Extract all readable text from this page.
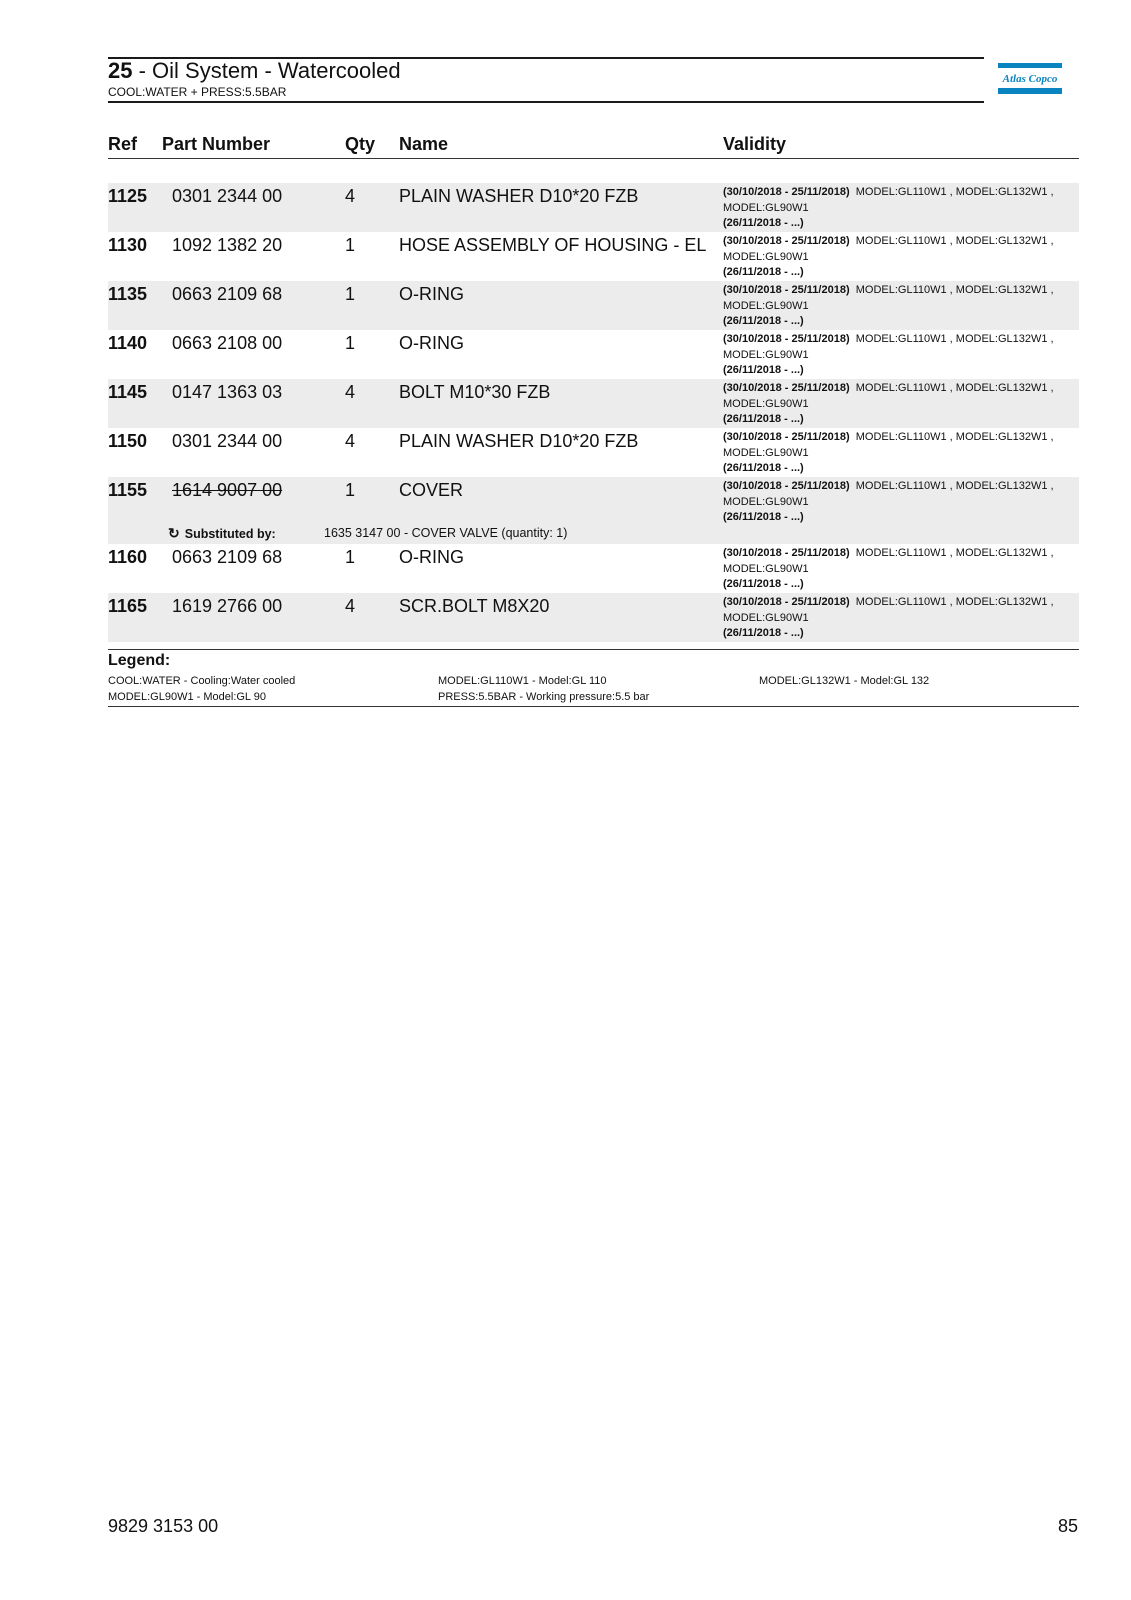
25 - Oil System - Watercooled
COOL:WATER + PRESS:5.5BAR
Atlas Copco
Ref Part Number	Qty Name	Validity
1125 0301 2344 00	4 PLAIN WASHER D10*20 FZB	(30/10/2018 - 25/11/2018) MODEL:GL110W1 , MODEL:GL132W1 ,
MODEL:GL90W1
(26/11/2018 - ...)
1130 1092 1382 20	1 HOSE ASSEMBLY OF HOUSING - EL (30/10/2018 - 25/11/2018) MODEL:GL110W1 , MODEL:GL132W1 ,
MODEL:GL90W1
(26/11/2018 - ...)
1135 0663 2109 68	1 O-RING	(30/10/2018 - 25/11/2018) MODEL:GL110W1 , MODEL:GL132W1 ,
MODEL:GL90W1
(26/11/2018 - ...)
1140 0663 2108 00	1 O-RING	(30/10/2018 - 25/11/2018) MODEL:GL110W1 , MODEL:GL132W1 ,
MODEL:GL90W1
(26/11/2018 - ...)
1145 0147 1363 03	4 BOLT M10*30 FZB	(30/10/2018 - 25/11/2018) MODEL:GL110W1 , MODEL:GL132W1 ,
MODEL:GL90W1
(26/11/2018 - ...)
1150 0301 2344 00	4 PLAIN WASHER D10*20 FZB	(30/10/2018 - 25/11/2018) MODEL:GL110W1 , MODEL:GL132W1 ,
MODEL:GL90W1
(26/11/2018 - ...)
1155 1614 9007 00	1 COVER	(30/10/2018 - 25/11/2018) MODEL:GL110W1 , MODEL:GL132W1 ,
MODEL:GL90W1
(26/11/2018 - ...)
↻ Substituted by:	1635 3147 00 - COVER VALVE (quantity: 1)
1160 0663 2109 68	1 O-RING	(30/10/2018 - 25/11/2018) MODEL:GL110W1 , MODEL:GL132W1 ,
MODEL:GL90W1
(26/11/2018 - ...)
1165 1619 2766 00	4 SCR.BOLT M8X20	(30/10/2018 - 25/11/2018) MODEL:GL110W1 , MODEL:GL132W1 ,
MODEL:GL90W1
(26/11/2018 - ...)
Legend:
COOL:WATER - Cooling:Water cooled	MODEL:GL110W1 - Model:GL 110	MODEL:GL132W1 - Model:GL 132
MODEL:GL90W1 - Model:GL 90	PRESS:5.5BAR - Working pressure:5.5 bar
9829 3153 00	85
